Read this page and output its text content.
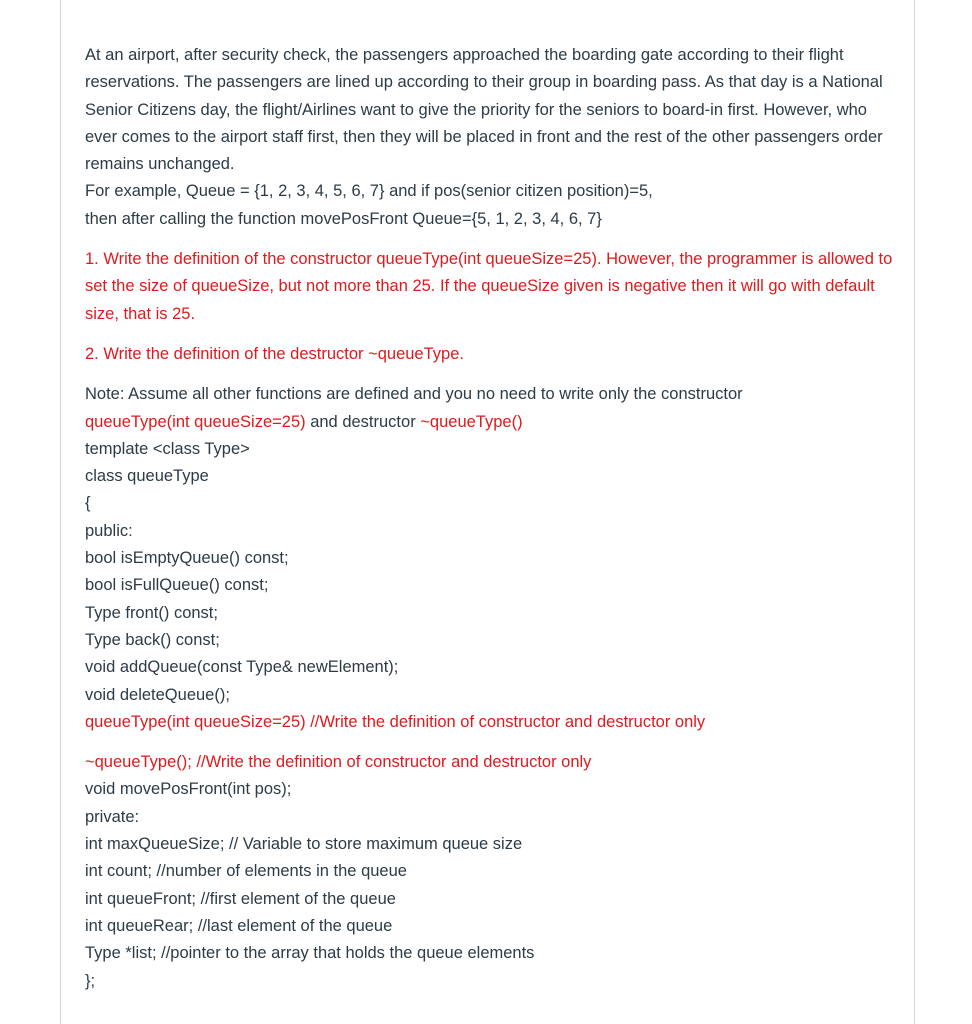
At an airport, after security check, the passengers approached the boarding gate according to their flight reservations. The passengers are lined up according to their group in boarding pass. As that day is a National Senior Citizens day, the flight/Airlines want to give the priority for the seniors to board-in first. However, who ever comes to the airport staff first, then they will be placed in front and the rest of the other passengers order remains unchanged.

For example, Queue = {1, 2, 3, 4, 5, 6, 7} and if pos(senior citizen position)=5,

then after calling the function movePosFront Queue={5, 1, 2, 3, 4, 6, 7}

1. Write the definition of the constructor queueType(int queueSize=25). However, the programmer is allowed to set the size of queueSize, but not more than 25. If the queueSize given is negative then it will go with default size, that is 25.

2. Write the definition of the destructor ~queueType.

Note: Assume all other functions are defined and you no need to write only the constructor

queueType(int queueSize=25) and destructor ~queueType()

template <class Type>

class queueType

{

public:

bool isEmptyQueue() const;

bool isFullQueue() const;

Type front() const;

Type back() const;

void addQueue(const Type& newElement);

void deleteQueue();

queueType(int queueSize=25) //Write the definition of constructor and destructor only

~queueType(); //Write the definition of constructor and destructor only

void movePosFront(int pos);

private:

int maxQueueSize; // Variable to store maximum queue size

int count; //number of elements in the queue

int queueFront; //first element of the queue

int queueRear; //last element of the queue

Type *list; //pointer to the array that holds the queue elements

};
